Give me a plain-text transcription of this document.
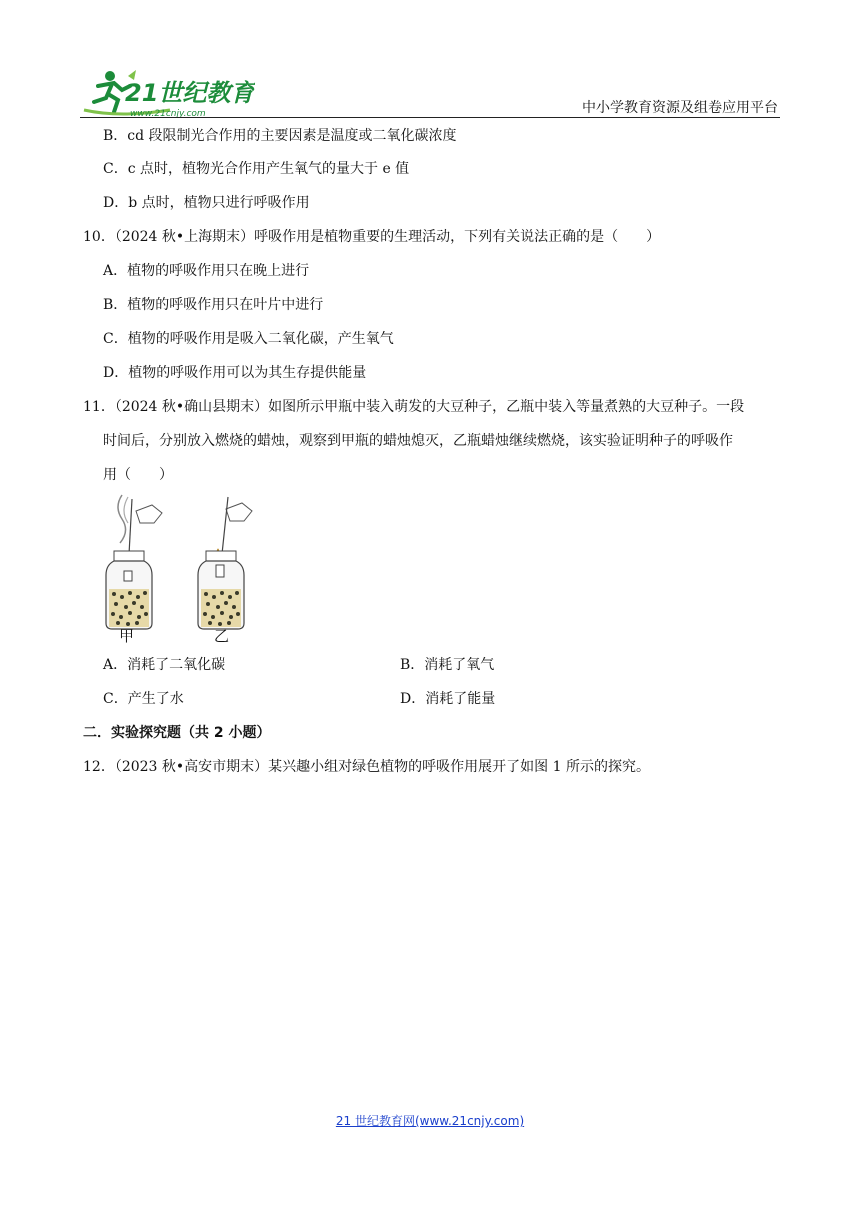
21世纪教育
www.21cnjy.com	中小学教育资源及组卷应用平台
B．cd 段限制光合作用的主要因素是温度或二氧化碳浓度
C．c 点时，植物光合作用产生氧气的量大于 e 值
D．b 点时，植物只进行呼吸作用
10．（2024 秋•上海期末）呼吸作用是植物重要的生理活动，下列有关说法正确的是（　　）
A．植物的呼吸作用只在晚上进行
B．植物的呼吸作用只在叶片中进行
C．植物的呼吸作用是吸入二氧化碳，产生氧气
D．植物的呼吸作用可以为其生存提供能量
11．（2024 秋•确山县期末）如图所示甲瓶中装入萌发的大豆种子，乙瓶中装入等量煮熟的大豆种子。一段
时间后，分别放入燃烧的蜡烛，观察到甲瓶的蜡烛熄灭，乙瓶蜡烛继续燃烧，该实验证明种子的呼吸作
用（　　）
甲	乙
A．消耗了二氧化碳	B．消耗了氧气
C．产生了水	D．消耗了能量
二．实验探究题（共 2 小题）
12．（2023 秋•高安市期末）某兴趣小组对绿色植物的呼吸作用展开了如图 1 所示的探究。
21 世纪教育网(www.21cnjy.com)
